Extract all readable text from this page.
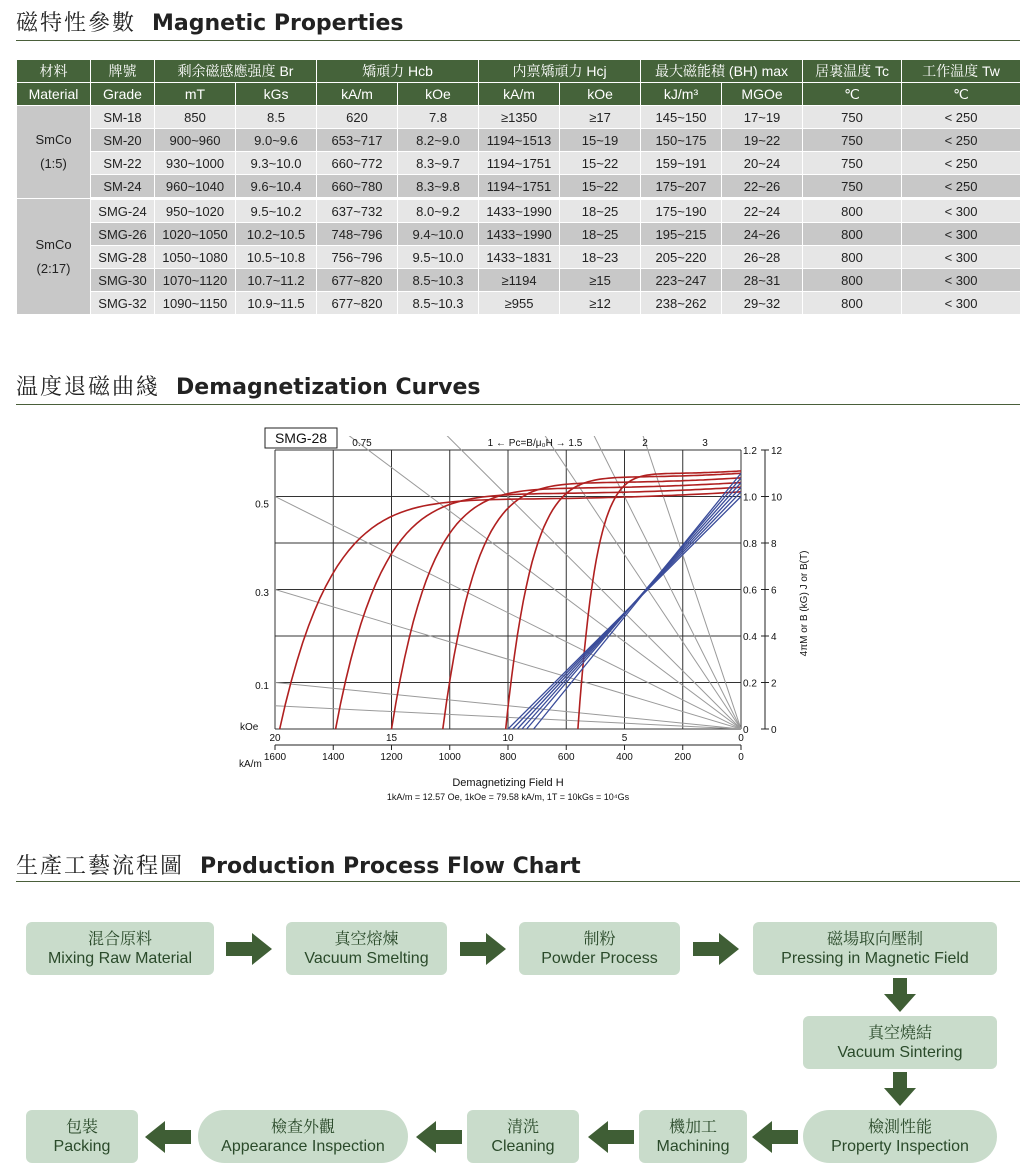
磁特性參數 Magnetic Properties
材料	牌號	剩余磁感應强度 Br		矯頑力 Hcb		内禀矯頑力 Hcj		最大磁能積 (BH) max		居裏温度 Tc	工作温度 Tw
Material	Grade	mT	kGs	kA/m	kOe	kA/m	kOe	kJ/m³	MGOe	℃	℃

SmCo
(1:5)	SM-18	850	8.5	620	7.8	≥1350	≥17	145~150	17~19	750	< 250
	SM-20	900~960	9.0~9.6	653~717	8.2~9.0	1194~1513	15~19	150~175	19~22	750	< 250
	SM-22	930~1000	9.3~10.0	660~772	8.3~9.7	1194~1751	15~22	159~191	20~24	750	< 250
	SM-24	960~1040	9.6~10.4	660~780	8.3~9.8	1194~1751	15~22	175~207	22~26	750	< 250

SmCo
(2:17)	SMG-24	950~1020	9.5~10.2	637~732	8.0~9.2	1433~1990	18~25	175~190	22~24	800	< 300
	SMG-26	1020~1050	10.2~10.5	748~796	9.4~10.0	1433~1990	18~25	195~215	24~26	800	< 300
	SMG-28	1050~1080	10.5~10.8	756~796	9.5~10.0	1433~1831	18~23	205~220	26~28	800	< 300
	SMG-30	1070~1120	10.7~11.2	677~820	8.5~10.3	≥1194	≥15	223~247	28~31	800	< 300
	SMG-32	1090~1150	10.9~11.5	677~820	8.5~10.3	≥955	≥12	238~262	29~32	800	< 300
温度退磁曲綫 Demagnetization Curves
20	15	10	5	0
1600	1400	1200	1000	800	600	400	200	0
kOe
kA/m
1.2
1.0
0.8
0.6
0.4
0.2
0
12
10
8
6
4
2
0
4πM or B (kG) J or B(T)
0.5
0.3
0.1
0.75	2	3
1 ← Pc=B/μ₀H → 1.5
SMG-28
Demagnetizing Field H
1kA/m = 12.57 Oe, 1kOe = 79.58 kA/m, 1T = 10kGs = 10⁴Gs
生產工藝流程圖 Production Process Flow Chart
混合原料
Mixing Raw Material
真空熔煉
Vacuum Smelting
制粉
Powder Process
磁場取向壓制
Pressing in Magnetic Field
真空燒結
Vacuum Sintering
檢測性能
Property Inspection
機加工
Machining
清洗
Cleaning
檢查外觀
Appearance Inspection
包裝
Packing
